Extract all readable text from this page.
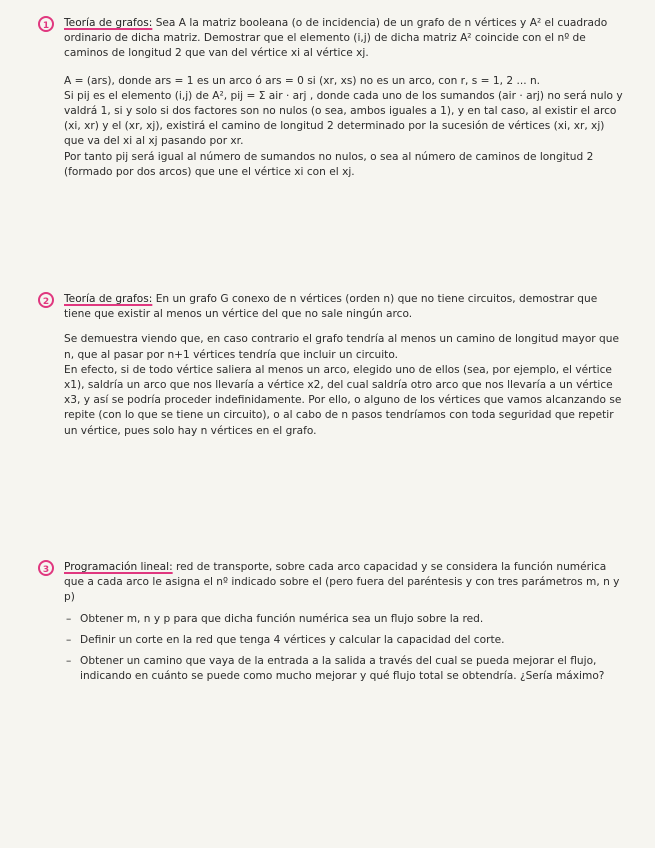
1	Teoría de grafos: Sea A la matriz booleana (o de incidencia) de un grafo de n vértices y A² el cuadrado ordinario de dicha matriz. Demostrar que el elemento (i,j) de dicha matriz A² coincide con el nº de caminos de longitud 2 que van del vértice xi al vértice xj.

A = (ars), donde ars = 1 es un arco ó ars = 0 si (xr, xs) no es un arco, con r, s = 1, 2 ... n.

Si pij es el elemento (i,j) de A², pij = Σ air · arj , donde cada uno de los sumandos (air · arj) no será nulo y valdrá 1, si y solo si dos factores son no nulos (o sea, ambos iguales a 1), y en tal caso, al existir el arco (xi, xr) y el (xr, xj), existirá el camino de longitud 2 determinado por la sucesión de vértices (xi, xr, xj) que va del xi al xj pasando por xr.

Por tanto pij será igual al número de sumandos no nulos, o sea al número de caminos de longitud 2 (formado por dos arcos) que une el vértice xi con el xj.

2	Teoría de grafos: En un grafo G conexo de n vértices (orden n) que no tiene circuitos, demostrar que tiene que existir al menos un vértice del que no sale ningún arco.

Se demuestra viendo que, en caso contrario el grafo tendría al menos un camino de longitud mayor que n, que al pasar por n+1 vértices tendría que incluir un circuito.

En efecto, si de todo vértice saliera al menos un arco, elegido uno de ellos (sea, por ejemplo, el vértice x1), saldría un arco que nos llevaría a vértice x2, del cual saldría otro arco que nos llevaría a un vértice x3, y así se podría proceder indefinidamente. Por ello, o alguno de los vértices que vamos alcanzando se repite (con lo que se tiene un circuito), o al cabo de n pasos tendríamos con toda seguridad que repetir un vértice, pues solo hay n vértices en el grafo.

3	Programación lineal: red de transporte, sobre cada arco capacidad y se considera la función numérica que a cada arco le asigna el nº indicado sobre el (pero fuera del paréntesis y con tres parámetros m, n y p)
– Obtener m, n y p para que dicha función numérica sea un flujo sobre la red.
– Definir un corte en la red que tenga 4 vértices y calcular la capacidad del corte.
– Obtener un camino que vaya de la entrada a la salida a través del cual se pueda mejorar el flujo, indicando en cuánto se puede como mucho mejorar y qué flujo total se obtendría. ¿Sería máximo?
